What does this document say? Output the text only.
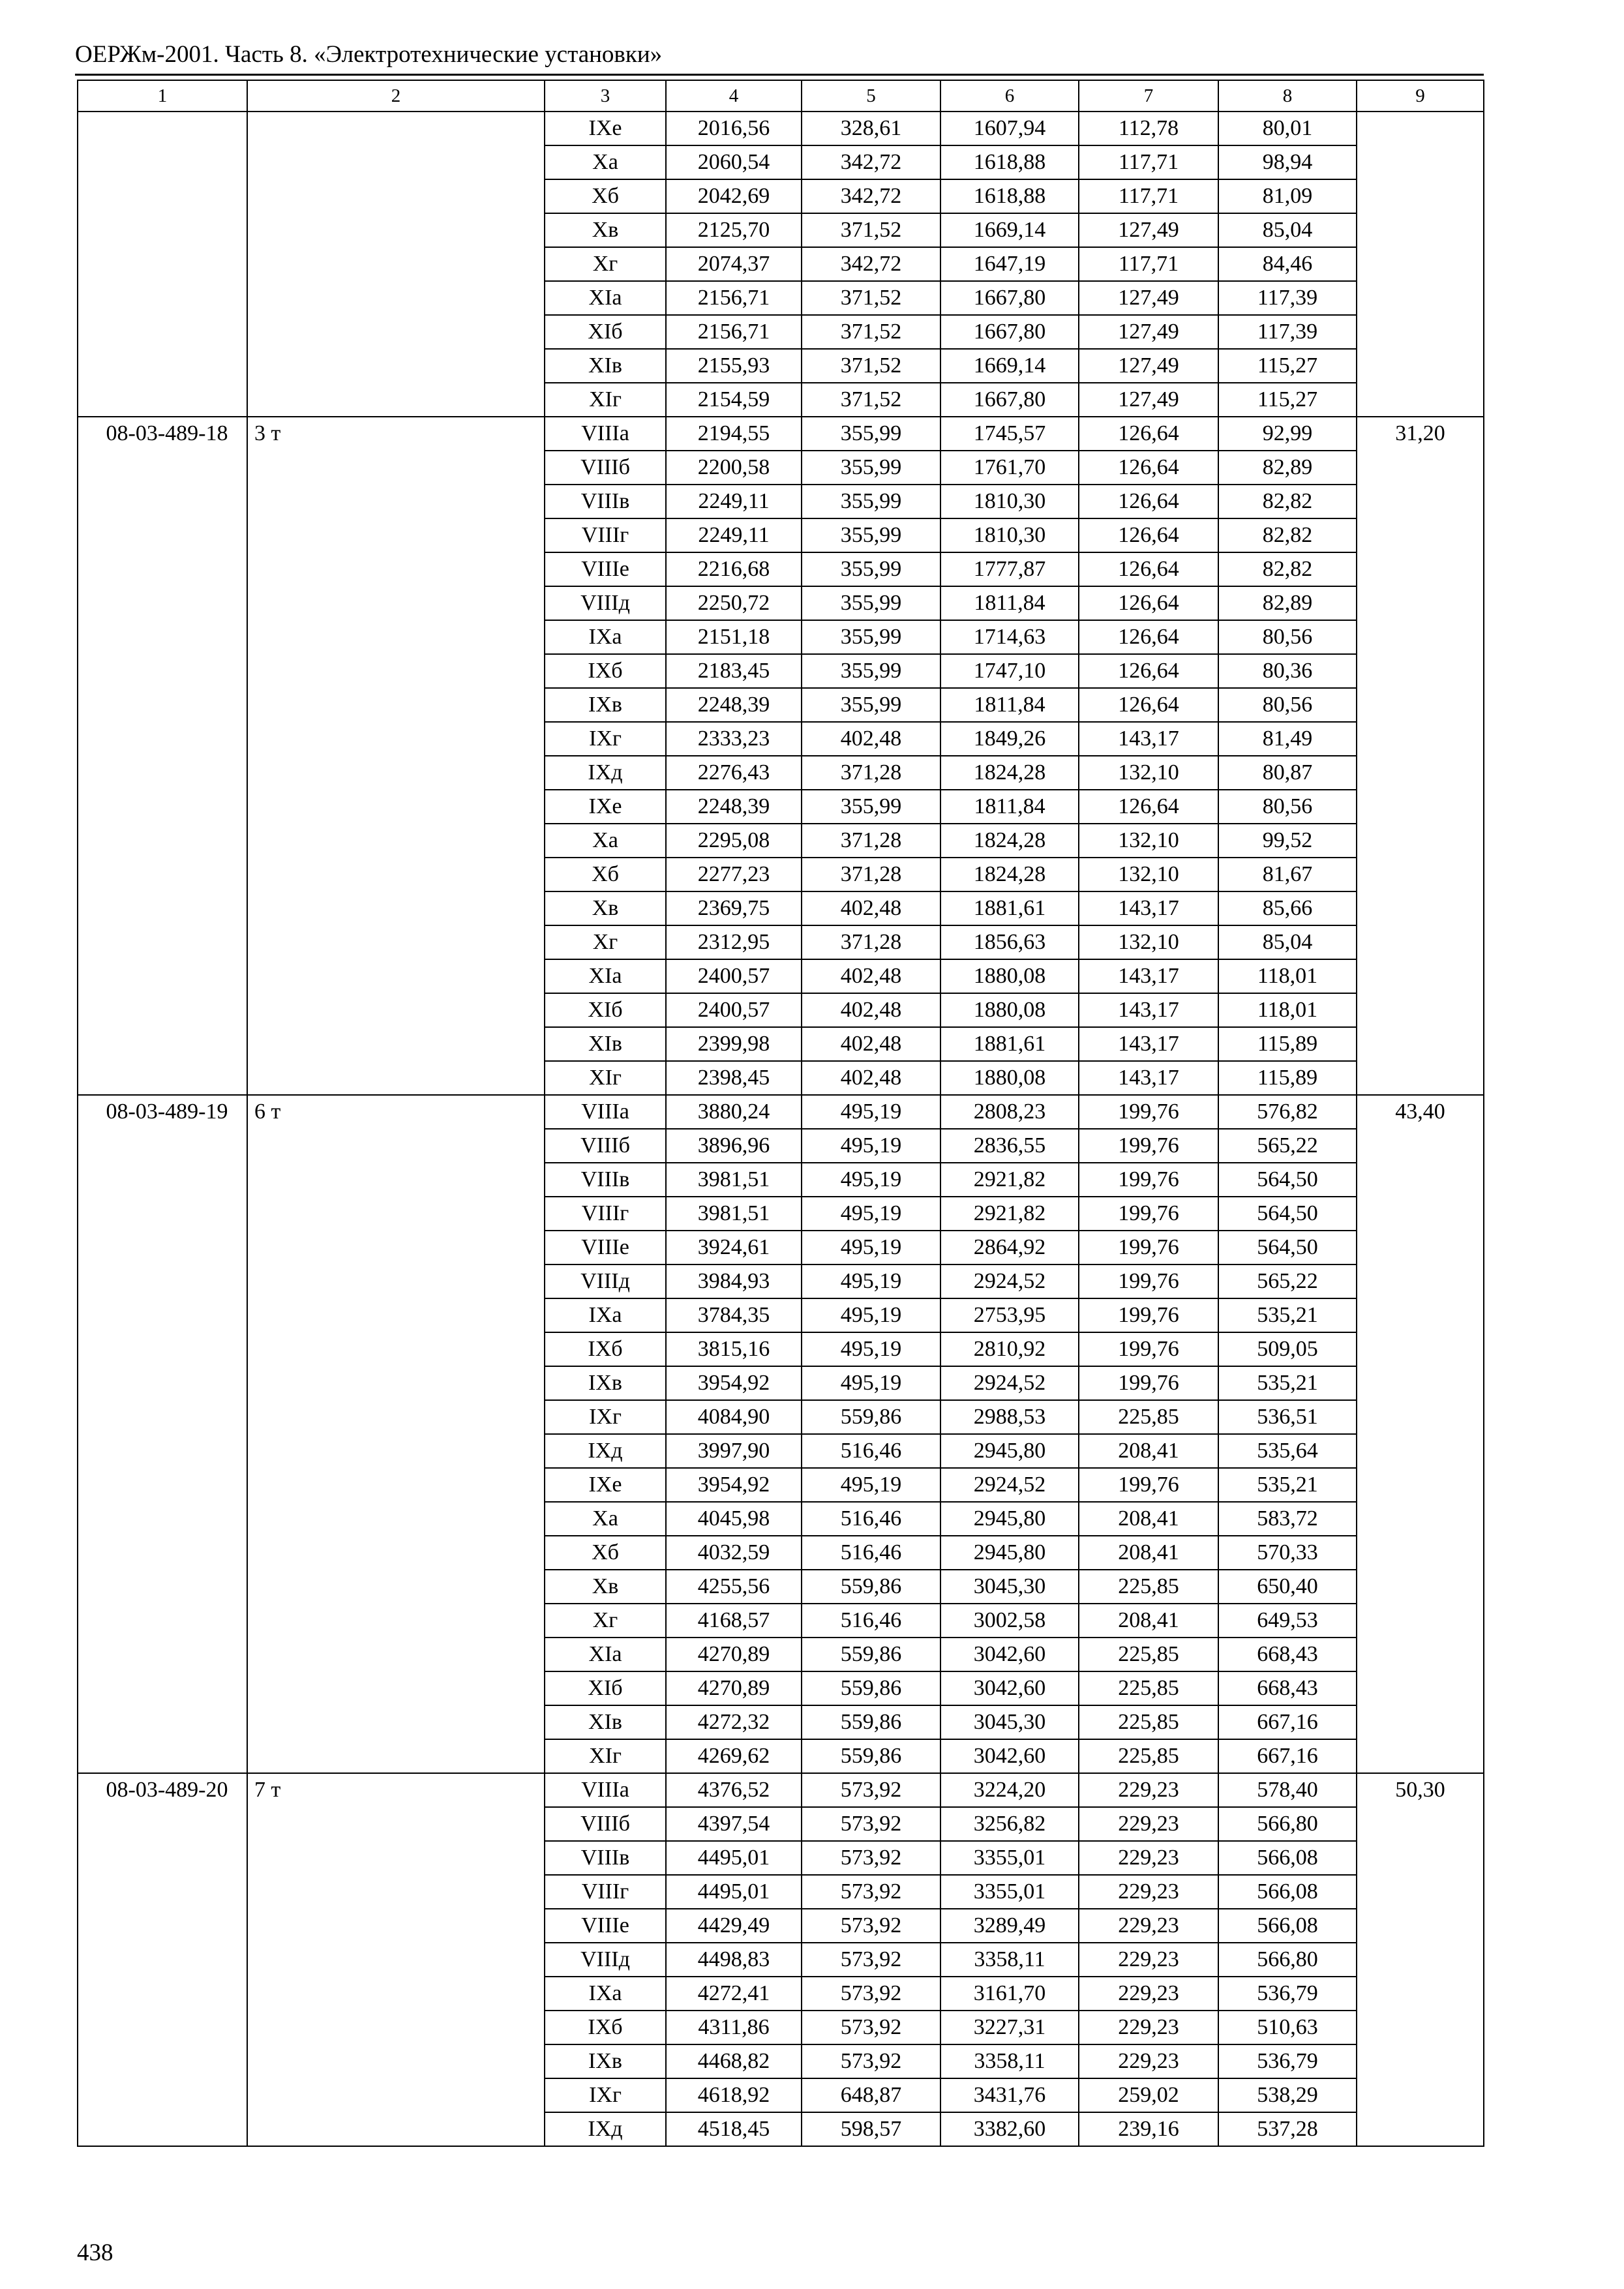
ОЕРЖм-2001. Часть 8. «Электротехнические установки»
1	2	3	4	5	6	7	8	9
		IXе	2016,56	328,61	1607,94	112,78	80,01	
		Xа	2060,54	342,72	1618,88	117,71	98,94	
		Xб	2042,69	342,72	1618,88	117,71	81,09	
		Xв	2125,70	371,52	1669,14	127,49	85,04	
		Xг	2074,37	342,72	1647,19	117,71	84,46	
		XIа	2156,71	371,52	1667,80	127,49	117,39	
		XIб	2156,71	371,52	1667,80	127,49	117,39	
		XIв	2155,93	371,52	1669,14	127,49	115,27	
		XIг	2154,59	371,52	1667,80	127,49	115,27	
08-03-489-18	3 т	VIIIа	2194,55	355,99	1745,57	126,64	92,99	31,20
		VIIIб	2200,58	355,99	1761,70	126,64	82,89	
		VIIIв	2249,11	355,99	1810,30	126,64	82,82	
		VIIIг	2249,11	355,99	1810,30	126,64	82,82	
		VIIIе	2216,68	355,99	1777,87	126,64	82,82	
		VIIIд	2250,72	355,99	1811,84	126,64	82,89	
		IXа	2151,18	355,99	1714,63	126,64	80,56	
		IXб	2183,45	355,99	1747,10	126,64	80,36	
		IXв	2248,39	355,99	1811,84	126,64	80,56	
		IXг	2333,23	402,48	1849,26	143,17	81,49	
		IXд	2276,43	371,28	1824,28	132,10	80,87	
		IXе	2248,39	355,99	1811,84	126,64	80,56	
		Xа	2295,08	371,28	1824,28	132,10	99,52	
		Xб	2277,23	371,28	1824,28	132,10	81,67	
		Xв	2369,75	402,48	1881,61	143,17	85,66	
		Xг	2312,95	371,28	1856,63	132,10	85,04	
		XIа	2400,57	402,48	1880,08	143,17	118,01	
		XIб	2400,57	402,48	1880,08	143,17	118,01	
		XIв	2399,98	402,48	1881,61	143,17	115,89	
		XIг	2398,45	402,48	1880,08	143,17	115,89	
08-03-489-19	6 т	VIIIа	3880,24	495,19	2808,23	199,76	576,82	43,40
		VIIIб	3896,96	495,19	2836,55	199,76	565,22	
		VIIIв	3981,51	495,19	2921,82	199,76	564,50	
		VIIIг	3981,51	495,19	2921,82	199,76	564,50	
		VIIIе	3924,61	495,19	2864,92	199,76	564,50	
		VIIIд	3984,93	495,19	2924,52	199,76	565,22	
		IXа	3784,35	495,19	2753,95	199,76	535,21	
		IXб	3815,16	495,19	2810,92	199,76	509,05	
		IXв	3954,92	495,19	2924,52	199,76	535,21	
		IXг	4084,90	559,86	2988,53	225,85	536,51	
		IXд	3997,90	516,46	2945,80	208,41	535,64	
		IXе	3954,92	495,19	2924,52	199,76	535,21	
		Xа	4045,98	516,46	2945,80	208,41	583,72	
		Xб	4032,59	516,46	2945,80	208,41	570,33	
		Xв	4255,56	559,86	3045,30	225,85	650,40	
		Xг	4168,57	516,46	3002,58	208,41	649,53	
		XIа	4270,89	559,86	3042,60	225,85	668,43	
		XIб	4270,89	559,86	3042,60	225,85	668,43	
		XIв	4272,32	559,86	3045,30	225,85	667,16	
		XIг	4269,62	559,86	3042,60	225,85	667,16	
08-03-489-20	7 т	VIIIа	4376,52	573,92	3224,20	229,23	578,40	50,30
		VIIIб	4397,54	573,92	3256,82	229,23	566,80	
		VIIIв	4495,01	573,92	3355,01	229,23	566,08	
		VIIIг	4495,01	573,92	3355,01	229,23	566,08	
		VIIIе	4429,49	573,92	3289,49	229,23	566,08	
		VIIIд	4498,83	573,92	3358,11	229,23	566,80	
		IXа	4272,41	573,92	3161,70	229,23	536,79	
		IXб	4311,86	573,92	3227,31	229,23	510,63	
		IXв	4468,82	573,92	3358,11	229,23	536,79	
		IXг	4618,92	648,87	3431,76	259,02	538,29	
		IXд	4518,45	598,57	3382,60	239,16	537,28	
438
